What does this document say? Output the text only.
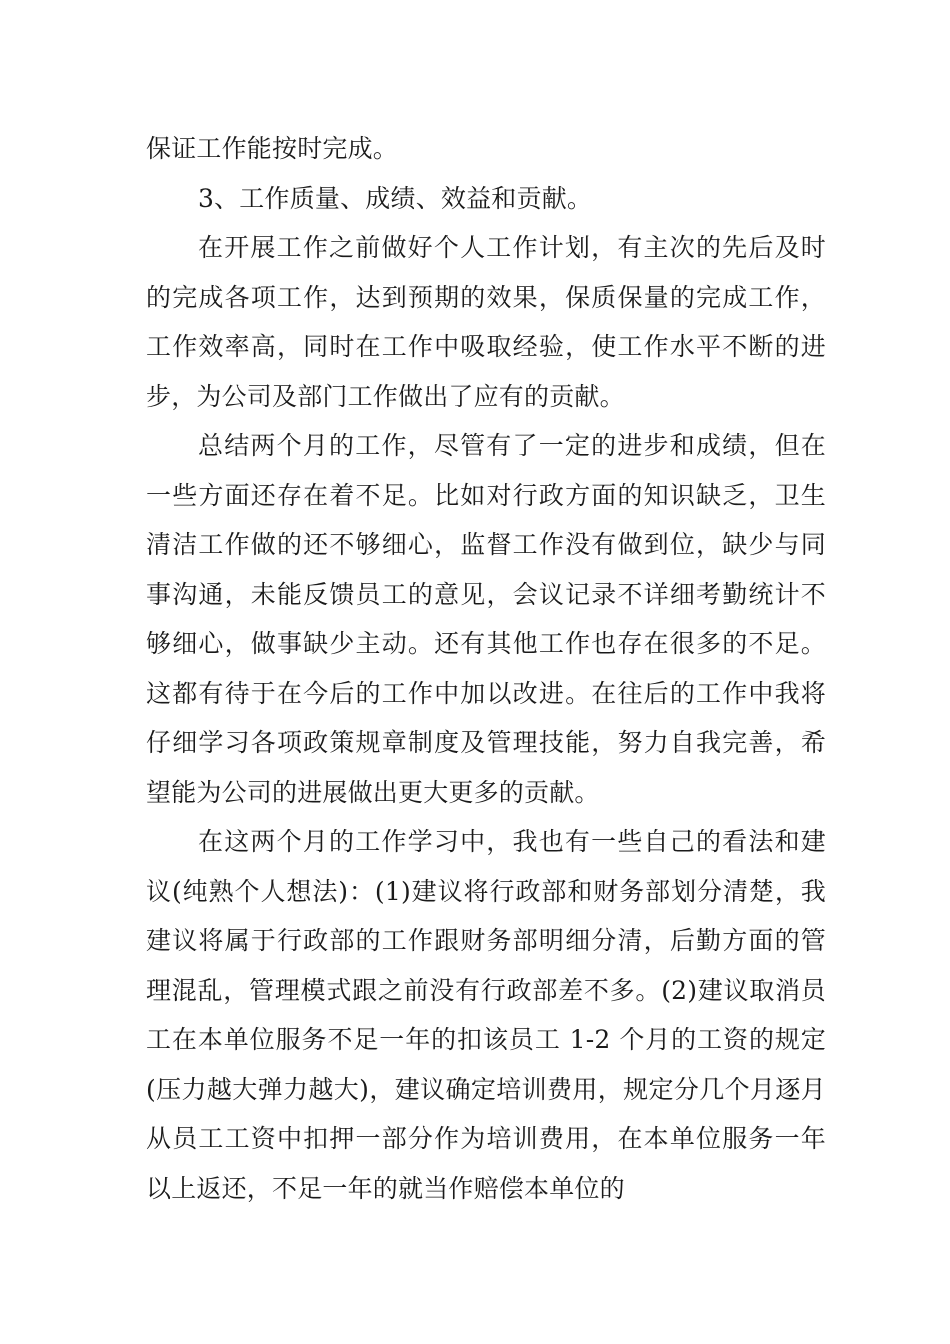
保证工作能按时完成。

3、工作质量、成绩、效益和贡献。

在开展工作之前做好个人工作计划，有主次的先后及时的完成各项工作，达到预期的效果，保质保量的完成工作，工作效率高，同时在工作中吸取经验，使工作水平不断的进步，为公司及部门工作做出了应有的贡献。

总结两个月的工作，尽管有了一定的进步和成绩，但在一些方面还存在着不足。比如对行政方面的知识缺乏，卫生清洁工作做的还不够细心，监督工作没有做到位，缺少与同事沟通，未能反馈员工的意见，会议记录不详细考勤统计不够细心，做事缺少主动。还有其他工作也存在很多的不足。这都有待于在今后的工作中加以改进。在往后的工作中我将仔细学习各项政策规章制度及管理技能，努力自我完善，希望能为公司的进展做出更大更多的贡献。

在这两个月的工作学习中，我也有一些自己的看法和建议(纯熟个人想法)：(1)建议将行政部和财务部划分清楚，我建议将属于行政部的工作跟财务部明细分清，后勤方面的管理混乱，管理模式跟之前没有行政部差不多。(2)建议取消员工在本单位服务不足一年的扣该员工 1-2 个月的工资的规定(压力越大弹力越大)，建议确定培训费用，规定分几个月逐月从员工工资中扣押一部分作为培训费用，在本单位服务一年以上返还，不足一年的就当作赔偿本单位的
